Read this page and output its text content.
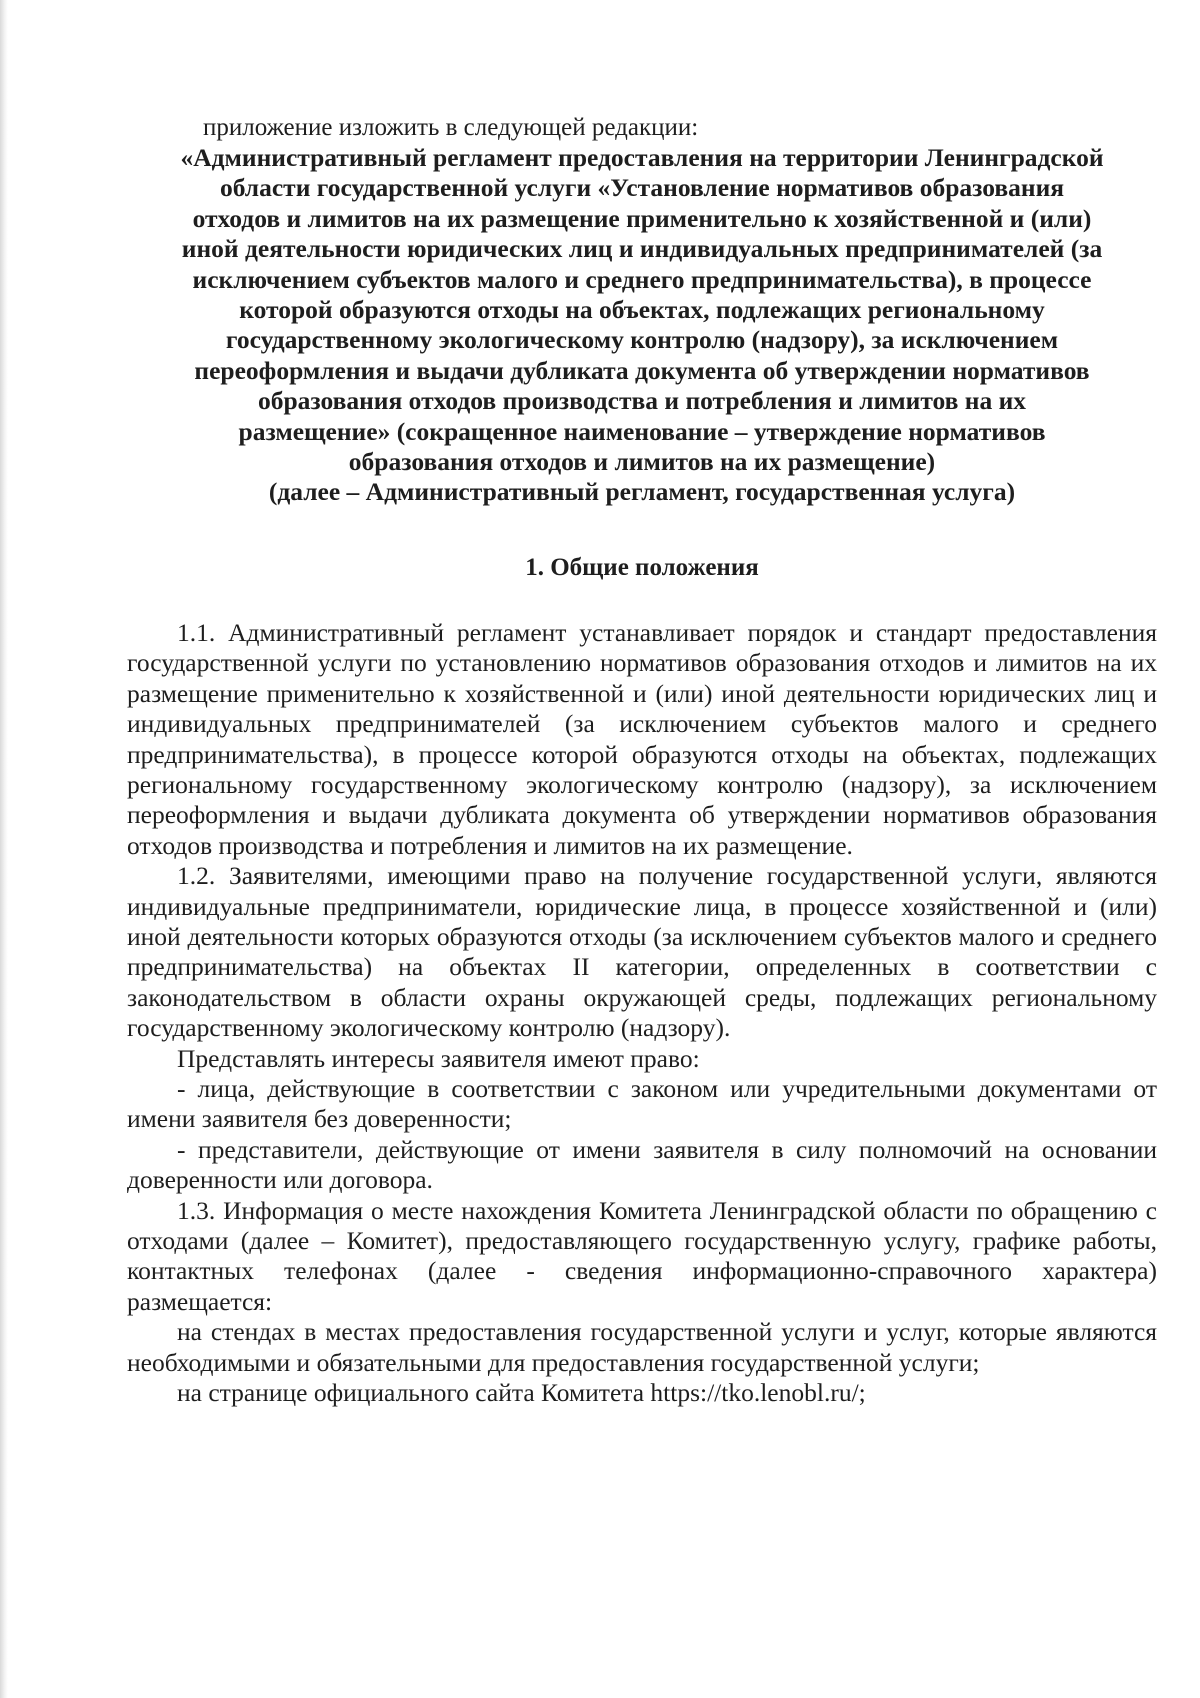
приложение изложить в следующей редакции:

«Административный регламент предоставления на территории Ленинградской
области государственной услуги «Установление нормативов образования
отходов и лимитов на их размещение применительно к хозяйственной и (или)
иной деятельности юридических лиц и индивидуальных предпринимателей (за
исключением субъектов малого и среднего предпринимательства), в процессе
которой образуются отходы на объектах, подлежащих региональному
государственному экологическому контролю (надзору), за исключением
переоформления и выдачи дубликата документа об утверждении нормативов
образования отходов производства и потребления и лимитов на их
размещение» (сокращенное наименование – утверждение нормативов
образования отходов и лимитов на их размещение)
(далее – Административный регламент, государственная услуга)
1. Общие положения

1.1. Административный регламент устанавливает порядок и стандарт предоставления государственной услуги по установлению нормативов образования отходов и лимитов на их размещение применительно к хозяйственной и (или) иной деятельности юридических лиц и индивидуальных предпринимателей (за исключением субъектов малого и среднего предпринимательства), в процессе которой образуются отходы на объектах, подлежащих региональному государственному экологическому контролю (надзору), за исключением переоформления и выдачи дубликата документа об утверждении нормативов образования отходов производства и потребления и лимитов на их размещение.

1.2. Заявителями, имеющими право на получение государственной услуги, являются индивидуальные предприниматели, юридические лица, в процессе хозяйственной и (или) иной деятельности которых образуются отходы (за исключением субъектов малого и среднего предпринимательства) на объектах II категории, определенных в соответствии с законодательством в области охраны окружающей среды, подлежащих региональному государственному экологическому контролю (надзору).

Представлять интересы заявителя имеют право:

- лица, действующие в соответствии с законом или учредительными документами от имени заявителя без доверенности;

- представители, действующие от имени заявителя в силу полномочий на основании доверенности или договора.

1.3. Информация о месте нахождения Комитета Ленинградской области по обращению с отходами (далее – Комитет), предоставляющего государственную услугу, графике работы, контактных телефонах (далее - сведения информационно-справочного характера) размещается:

на стендах в местах предоставления государственной услуги и услуг, которые являются необходимыми и обязательными для предоставления государственной услуги;

на странице официального сайта Комитета https://tko.lenobl.ru/;
